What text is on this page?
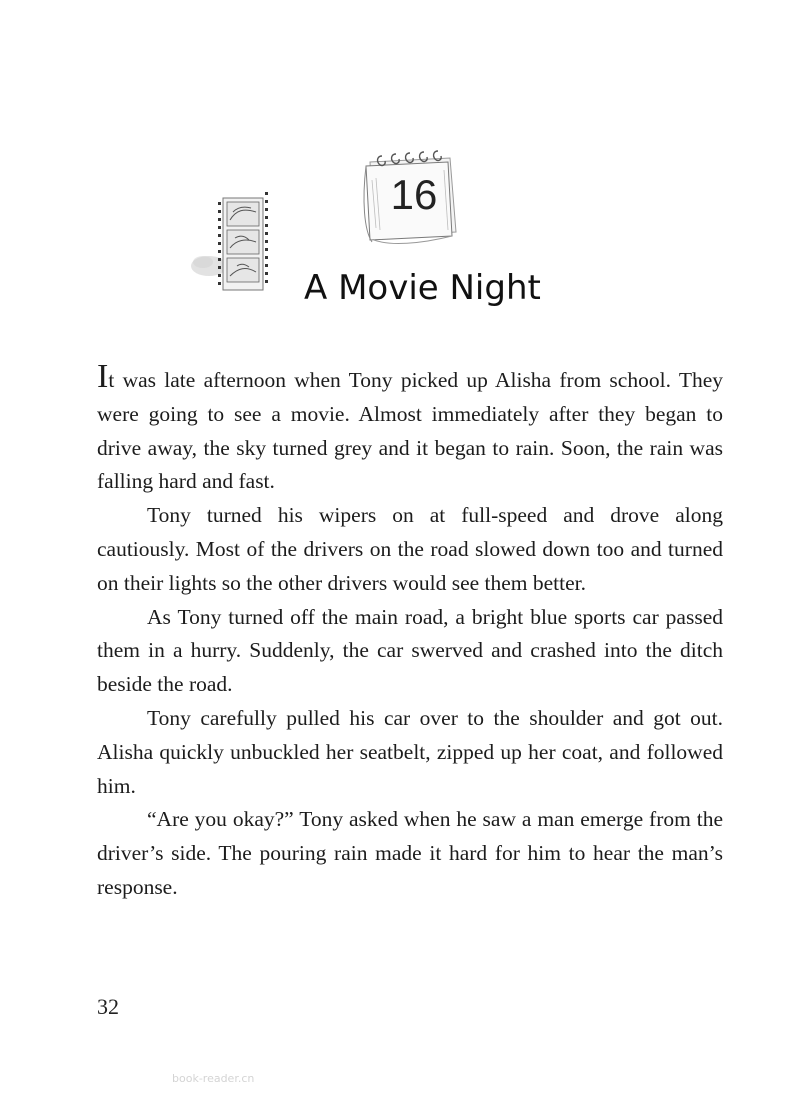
16
A Movie Night

It was late afternoon when Tony picked up Alisha from school. They were going to see a movie. Almost immediately after they began to drive away, the sky turned grey and it began to rain. Soon, the rain was falling hard and fast.

Tony turned his wipers on at full-speed and drove along cautiously. Most of the drivers on the road slowed down too and turned on their lights so the other drivers would see them better.

As Tony turned off the main road, a bright blue sports car passed them in a hurry. Suddenly, the car swerved and crashed into the ditch beside the road.

Tony carefully pulled his car over to the shoulder and got out. Alisha quickly unbuckled her seatbelt, zipped up her coat, and followed him.

“Are you okay?” Tony asked when he saw a man emerge from the driver’s side. The pouring rain made it hard for him to hear the man’s response.

32
book-reader.cn
